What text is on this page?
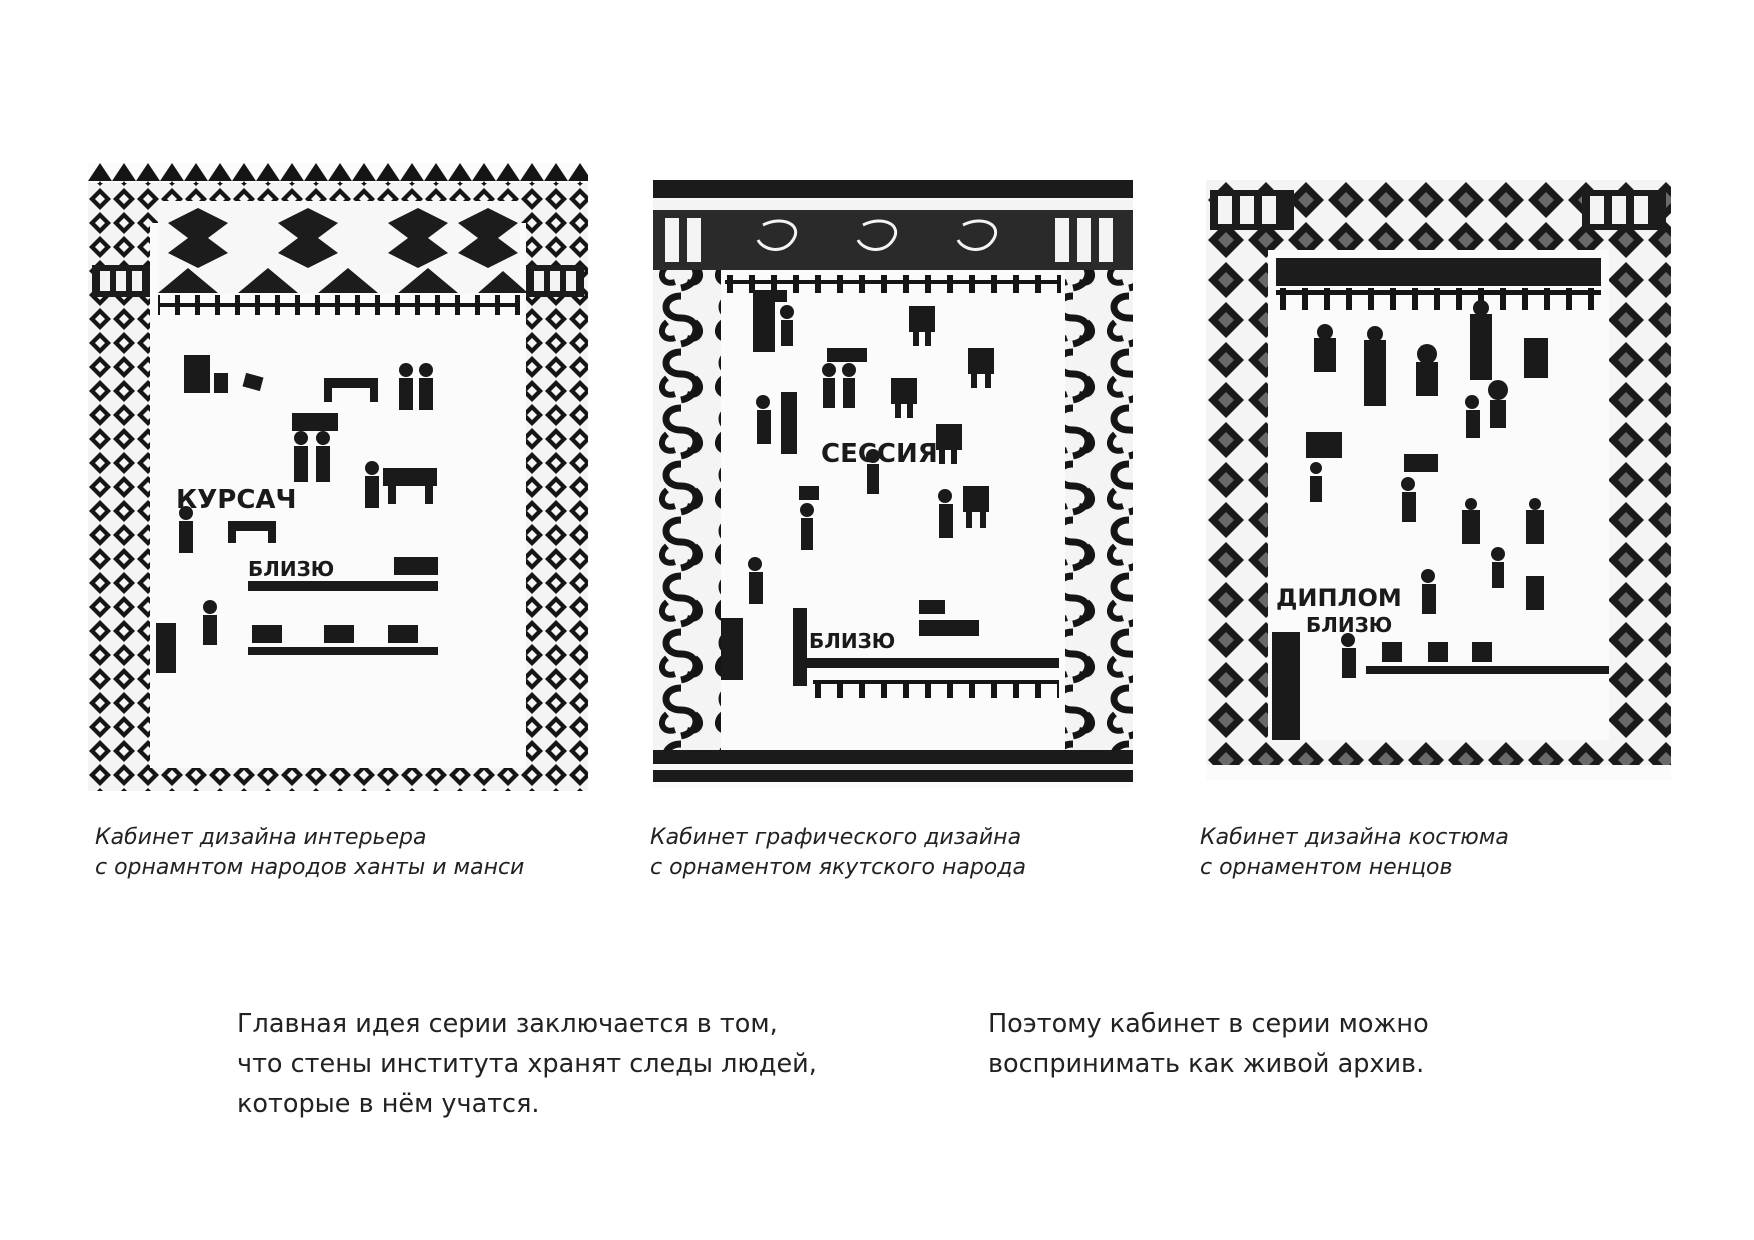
КУРСАЧ
БЛИЗЮ
СЕССИЯ
БЛИЗЮ
ДИПЛОМ
БЛИЗЮ
Кабинет дизайна интерьера
с орнамнтом народов ханты и манси
Кабинет графического дизайна
с орнаментом якутского народа
Кабинет дизайна костюма
с орнаментом ненцов
Главная идея серии заключается в том,
что стены института хранят следы людей,
которые в нём учатся.
Поэтому кабинет в серии можно
воспринимать как живой архив.
